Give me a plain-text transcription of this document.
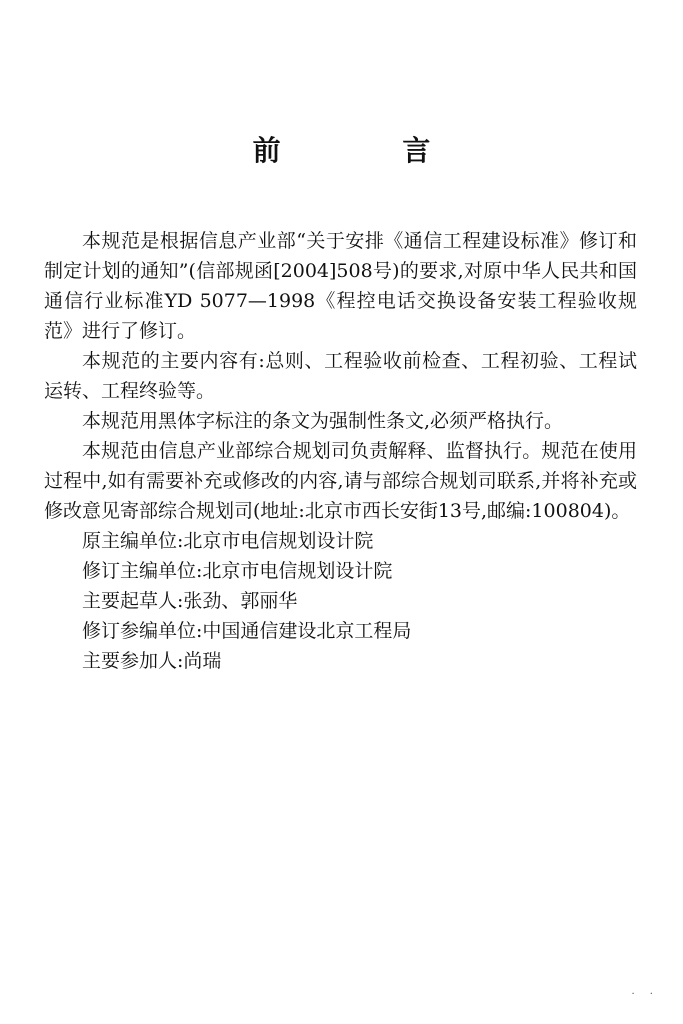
前 言

本规范是根据信息产业部“关于安排《通信工程建设标准》修订和制定计划的通知”(信部规函[2004]508号)的要求,对原中华人民共和国通信行业标准YD 5077—1998《程控电话交换设备安装工程验收规范》进行了修订。

本规范的主要内容有:总则、工程验收前检查、工程初验、工程试运转、工程终验等。

本规范用黑体字标注的条文为强制性条文,必须严格执行。

本规范由信息产业部综合规划司负责解释、监督执行。规范在使用过程中,如有需要补充或修改的内容,请与部综合规划司联系,并将补充或修改意见寄部综合规划司(地址:北京市西长安街13号,邮编:100804)。

原主编单位:北京市电信规划设计院
修订主编单位:北京市电信规划设计院
主要起草人:张劲、郭丽华
修订参编单位:中国通信建设北京工程局
主要参加人:尚瑞
· ·
